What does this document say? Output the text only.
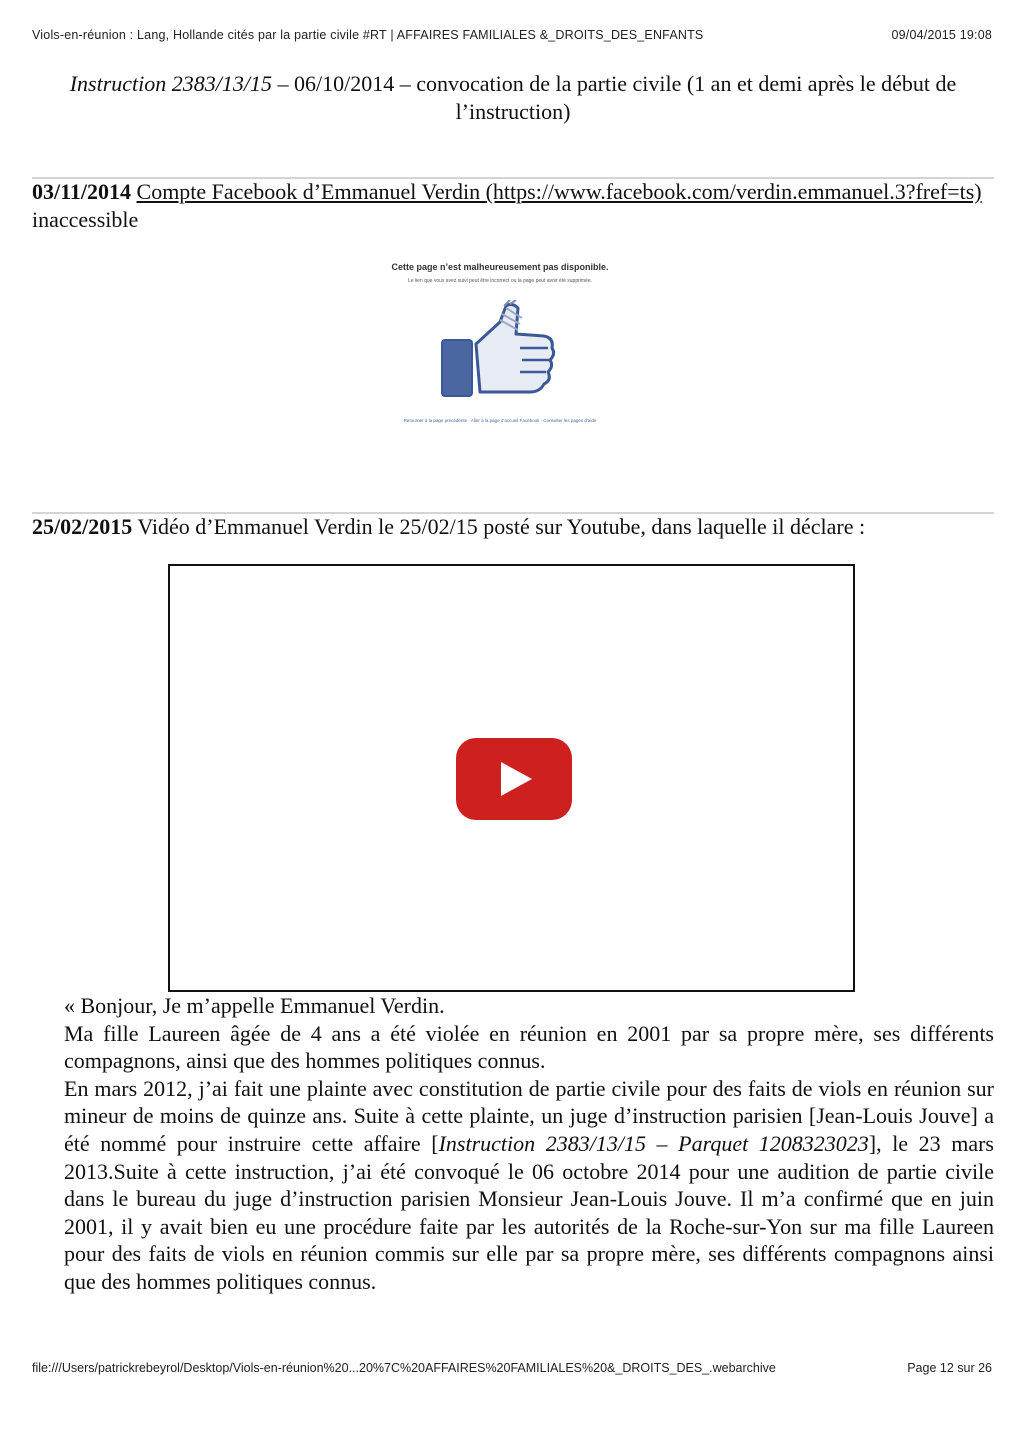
Viols-en-réunion : Lang, Hollande cités par la partie civile #RT | AFFAIRES FAMILIALES &_DROITS_DES_ENFANTS	09/04/2015 19:08
Instruction 2383/13/15 – 06/10/2014 – convocation de la partie civile (1 an et demi après le début de l’instruction)
03/11/2014 Compte Facebook d’Emmanuel Verdin (https://www.facebook.com/verdin.emmanuel.3?fref=ts) inaccessible
Cette page n’est malheureusement pas disponible.
Le lien que vous avez suivi peut être incorrect ou la page peut avoir été supprimée.
Retourner à la page précédente · Aller à la page d’accueil Facebook · Consulter les pages d’aide
25/02/2015 Vidéo d’Emmanuel Verdin le 25/02/15 posté sur Youtube, dans laquelle il déclare :

« Bonjour, Je m’appelle Emmanuel Verdin.

Ma fille Laureen âgée de 4 ans a été violée en réunion en 2001 par sa propre mère, ses différents compagnons, ainsi que des hommes politiques connus.

En mars 2012, j’ai fait une plainte avec constitution de partie civile pour des faits de viols en réunion sur mineur de moins de quinze ans. Suite à cette plainte, un juge d’instruction parisien [Jean-Louis Jouve] a été nommé pour instruire cette affaire [Instruction 2383/13/15 – Parquet 1208323023], le 23 mars 2013.Suite à cette instruction, j’ai été convoqué le 06 octobre 2014 pour une audition de partie civile dans le bureau du juge d’instruction parisien Monsieur Jean-Louis Jouve. Il m’a confirmé que en juin 2001, il y avait bien eu une procédure faite par les autorités de la Roche-sur-Yon sur ma fille Laureen pour des faits de viols en réunion commis sur elle par sa propre mère, ses différents compagnons ainsi que des hommes politiques connus.

file:///Users/patrickrebeyrol/Desktop/Viols-en-réunion%20...20%7C%20AFFAIRES%20FAMILIALES%20&_DROITS_DES_.webarchive	Page 12 sur 26
